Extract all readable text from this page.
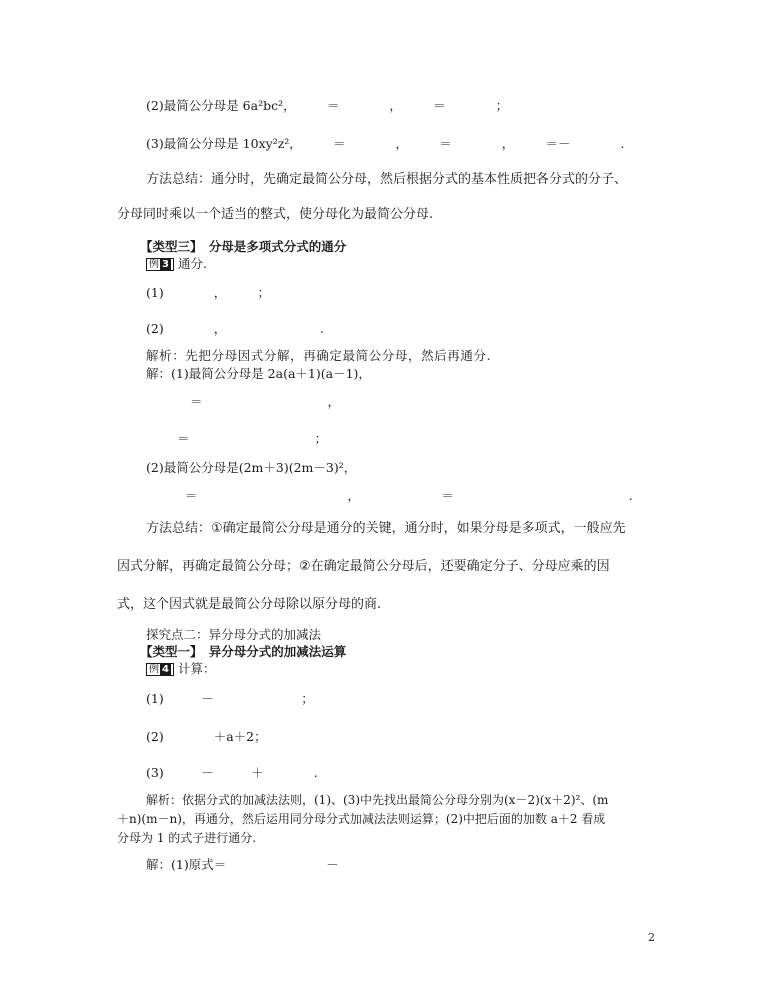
(2)最简公分母是 6a²bc²，　　　＝　　　　，　　　＝　　　　；
(3)最简公分母是 10xy²z²，　　　＝　　　　，　　　＝　　　　，　　　＝－　　　　.
方法总结：通分时，先确定最简公分母，然后根据分式的基本性质把各分式的分子、
分母同时乘以一个适当的整式，使分母化为最简公分母.
【类型三】　分母是多项式分式的通分
例 3 通分.
(1)　　　　，　　　；
(2)　　　　，　　　　　　　　.
解析：先把分母因式分解，再确定最简公分母，然后再通分.
解：(1)最简公分母是 2a(a＋1)(a－1)，
＝　　　　　　　　　　，
＝　　　　　　　　　　；
(2)最简公分母是(2m＋3)(2m－3)²，
＝　　　　　　　　　　　　，　　　　　　　＝　　　　　　　　　　　　　　.
方法总结：①确定最简公分母是通分的关键，通分时，如果分母是多项式，一般应先
因式分解，再确定最简公分母；②在确定最简公分母后，还要确定分子、分母应乘的因
式，这个因式就是最简公分母除以原分母的商.
探究点二：异分母分式的加减法
【类型一】　异分母分式的加减法运算
例 4 计算：
(1)　　　－　　　　　　　；
(2)　　　　＋a＋2；
(3)　　　－　　　＋　　　　.
解析：依据分式的加减法法则，(1)、(3)中先找出最简公分母分别为(x－2)(x＋2)²、(m
＋n)(m－n)，再通分，然后运用同分母分式加减法法则运算；(2)中把后面的加数 a＋2 看成
分母为 1 的式子进行通分.
解：(1)原式＝　　　　　　　　－
2
